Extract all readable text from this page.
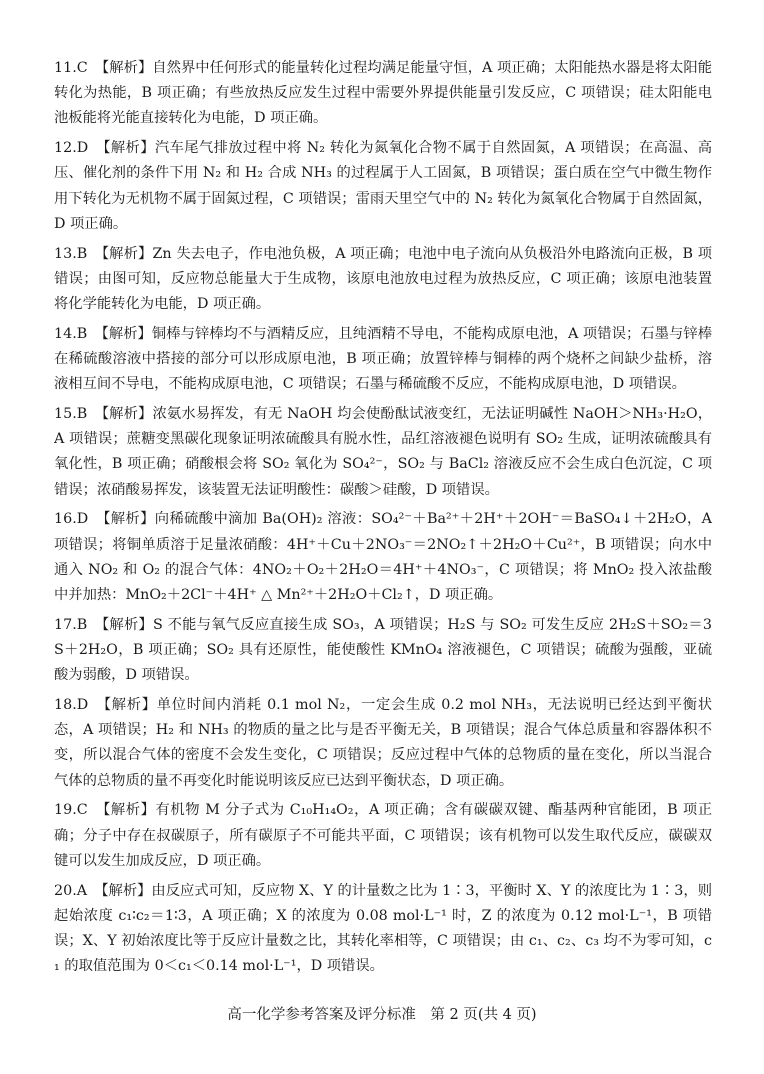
11.C　 【解析】自然界中任何形式的能量转化过程均满足能量守恒，A 项正确；太阳能热水器是将太阳能转化为热能，B 项正确；有些放热反应发生过程中需要外界提供能量引发反应，C 项错误；硅太阳能电池板能将光能直接转化为电能，D 项正确。

12.D　 【解析】汽车尾气排放过程中将 N₂ 转化为氮氧化合物不属于自然固氮，A 项错误；在高温、高压、催化剂的条件下用 N₂ 和 H₂ 合成 NH₃ 的过程属于人工固氮，B 项错误；蛋白质在空气中微生物作用下转化为无机物不属于固氮过程，C 项错误；雷雨天里空气中的 N₂ 转化为氮氧化合物属于自然固氮，D 项正确。

13.B　 【解析】Zn 失去电子，作电池负极，A 项正确；电池中电子流向从负极沿外电路流向正极，B 项错误；由图可知，反应物总能量大于生成物，该原电池放电过程为放热反应，C 项正确；该原电池装置将化学能转化为电能，D 项正确。

14.B　 【解析】铜棒与锌棒均不与酒精反应，且纯酒精不导电，不能构成原电池，A 项错误；石墨与锌棒在稀硫酸溶液中搭接的部分可以形成原电池，B 项正确；放置锌棒与铜棒的两个烧杯之间缺少盐桥，溶液相互间不导电，不能构成原电池，C 项错误；石墨与稀硫酸不反应，不能构成原电池，D 项错误。

15.B　 【解析】浓氨水易挥发，有无 NaOH 均会使酚酞试液变红，无法证明碱性 NaOH＞NH₃·H₂O，A 项错误；蔗糖变黑碳化现象证明浓硫酸具有脱水性，品红溶液褪色说明有 SO₂ 生成，证明浓硫酸具有氧化性，B 项正确；硝酸根会将 SO₂ 氧化为 SO₄²⁻，SO₂ 与 BaCl₂ 溶液反应不会生成白色沉淀，C 项错误；浓硝酸易挥发，该装置无法证明酸性：碳酸＞硅酸，D 项错误。

16.D　 【解析】向稀硫酸中滴加 Ba(OH)₂ 溶液：SO₄²⁻＋Ba²⁺＋2H⁺＋2OH⁻＝BaSO₄↓＋2H₂O，A 项错误；将铜单质溶于足量浓硝酸：4H⁺＋Cu＋2NO₃⁻＝2NO₂↑＋2H₂O＋Cu²⁺，B 项错误；向水中通入 NO₂ 和 O₂ 的混合气体：4NO₂＋O₂＋2H₂O＝4H⁺＋4NO₃⁻，C 项错误；将 MnO₂ 投入浓盐酸中并加热：MnO₂＋2Cl⁻＋4H⁺ △ Mn²⁺＋2H₂O＋Cl₂↑，D 项正确。

17.B　 【解析】S 不能与氧气反应直接生成 SO₃，A 项错误；H₂S 与 SO₂ 可发生反应 2H₂S＋SO₂＝3S＋2H₂O，B 项正确；SO₂ 具有还原性，能使酸性 KMnO₄ 溶液褪色，C 项错误；硫酸为强酸，亚硫酸为弱酸，D 项错误。

18.D　 【解析】单位时间内消耗 0.1 mol N₂，一定会生成 0.2 mol NH₃，无法说明已经达到平衡状态，A 项错误；H₂ 和 NH₃ 的物质的量之比与是否平衡无关，B 项错误；混合气体总质量和容器体积不变，所以混合气体的密度不会发生变化，C 项错误；反应过程中气体的总物质的量在变化，所以当混合气体的总物质的量不再变化时能说明该反应已达到平衡状态，D 项正确。

19.C　 【解析】有机物 M 分子式为 C₁₀H₁₄O₂，A 项正确；含有碳碳双键、酯基两种官能团，B 项正确；分子中存在叔碳原子，所有碳原子不可能共平面，C 项错误；该有机物可以发生取代反应，碳碳双键可以发生加成反应，D 项正确。

20.A　 【解析】由反应式可知，反应物 X、Y 的计量数之比为 1∶3，平衡时 X、Y 的浓度比为 1∶3，则起始浓度 c₁∶c₂＝1∶3，A 项正确；X 的浓度为 0.08 mol·L⁻¹ 时，Z 的浓度为 0.12 mol·L⁻¹，B 项错误；X、Y 初始浓度比等于反应计量数之比，其转化率相等，C 项错误；由 c₁、c₂、c₃ 均不为零可知，c₁ 的取值范围为 0＜c₁＜0.14 mol·L⁻¹，D 项错误。

高一化学参考答案及评分标准　第 2 页(共 4 页)
